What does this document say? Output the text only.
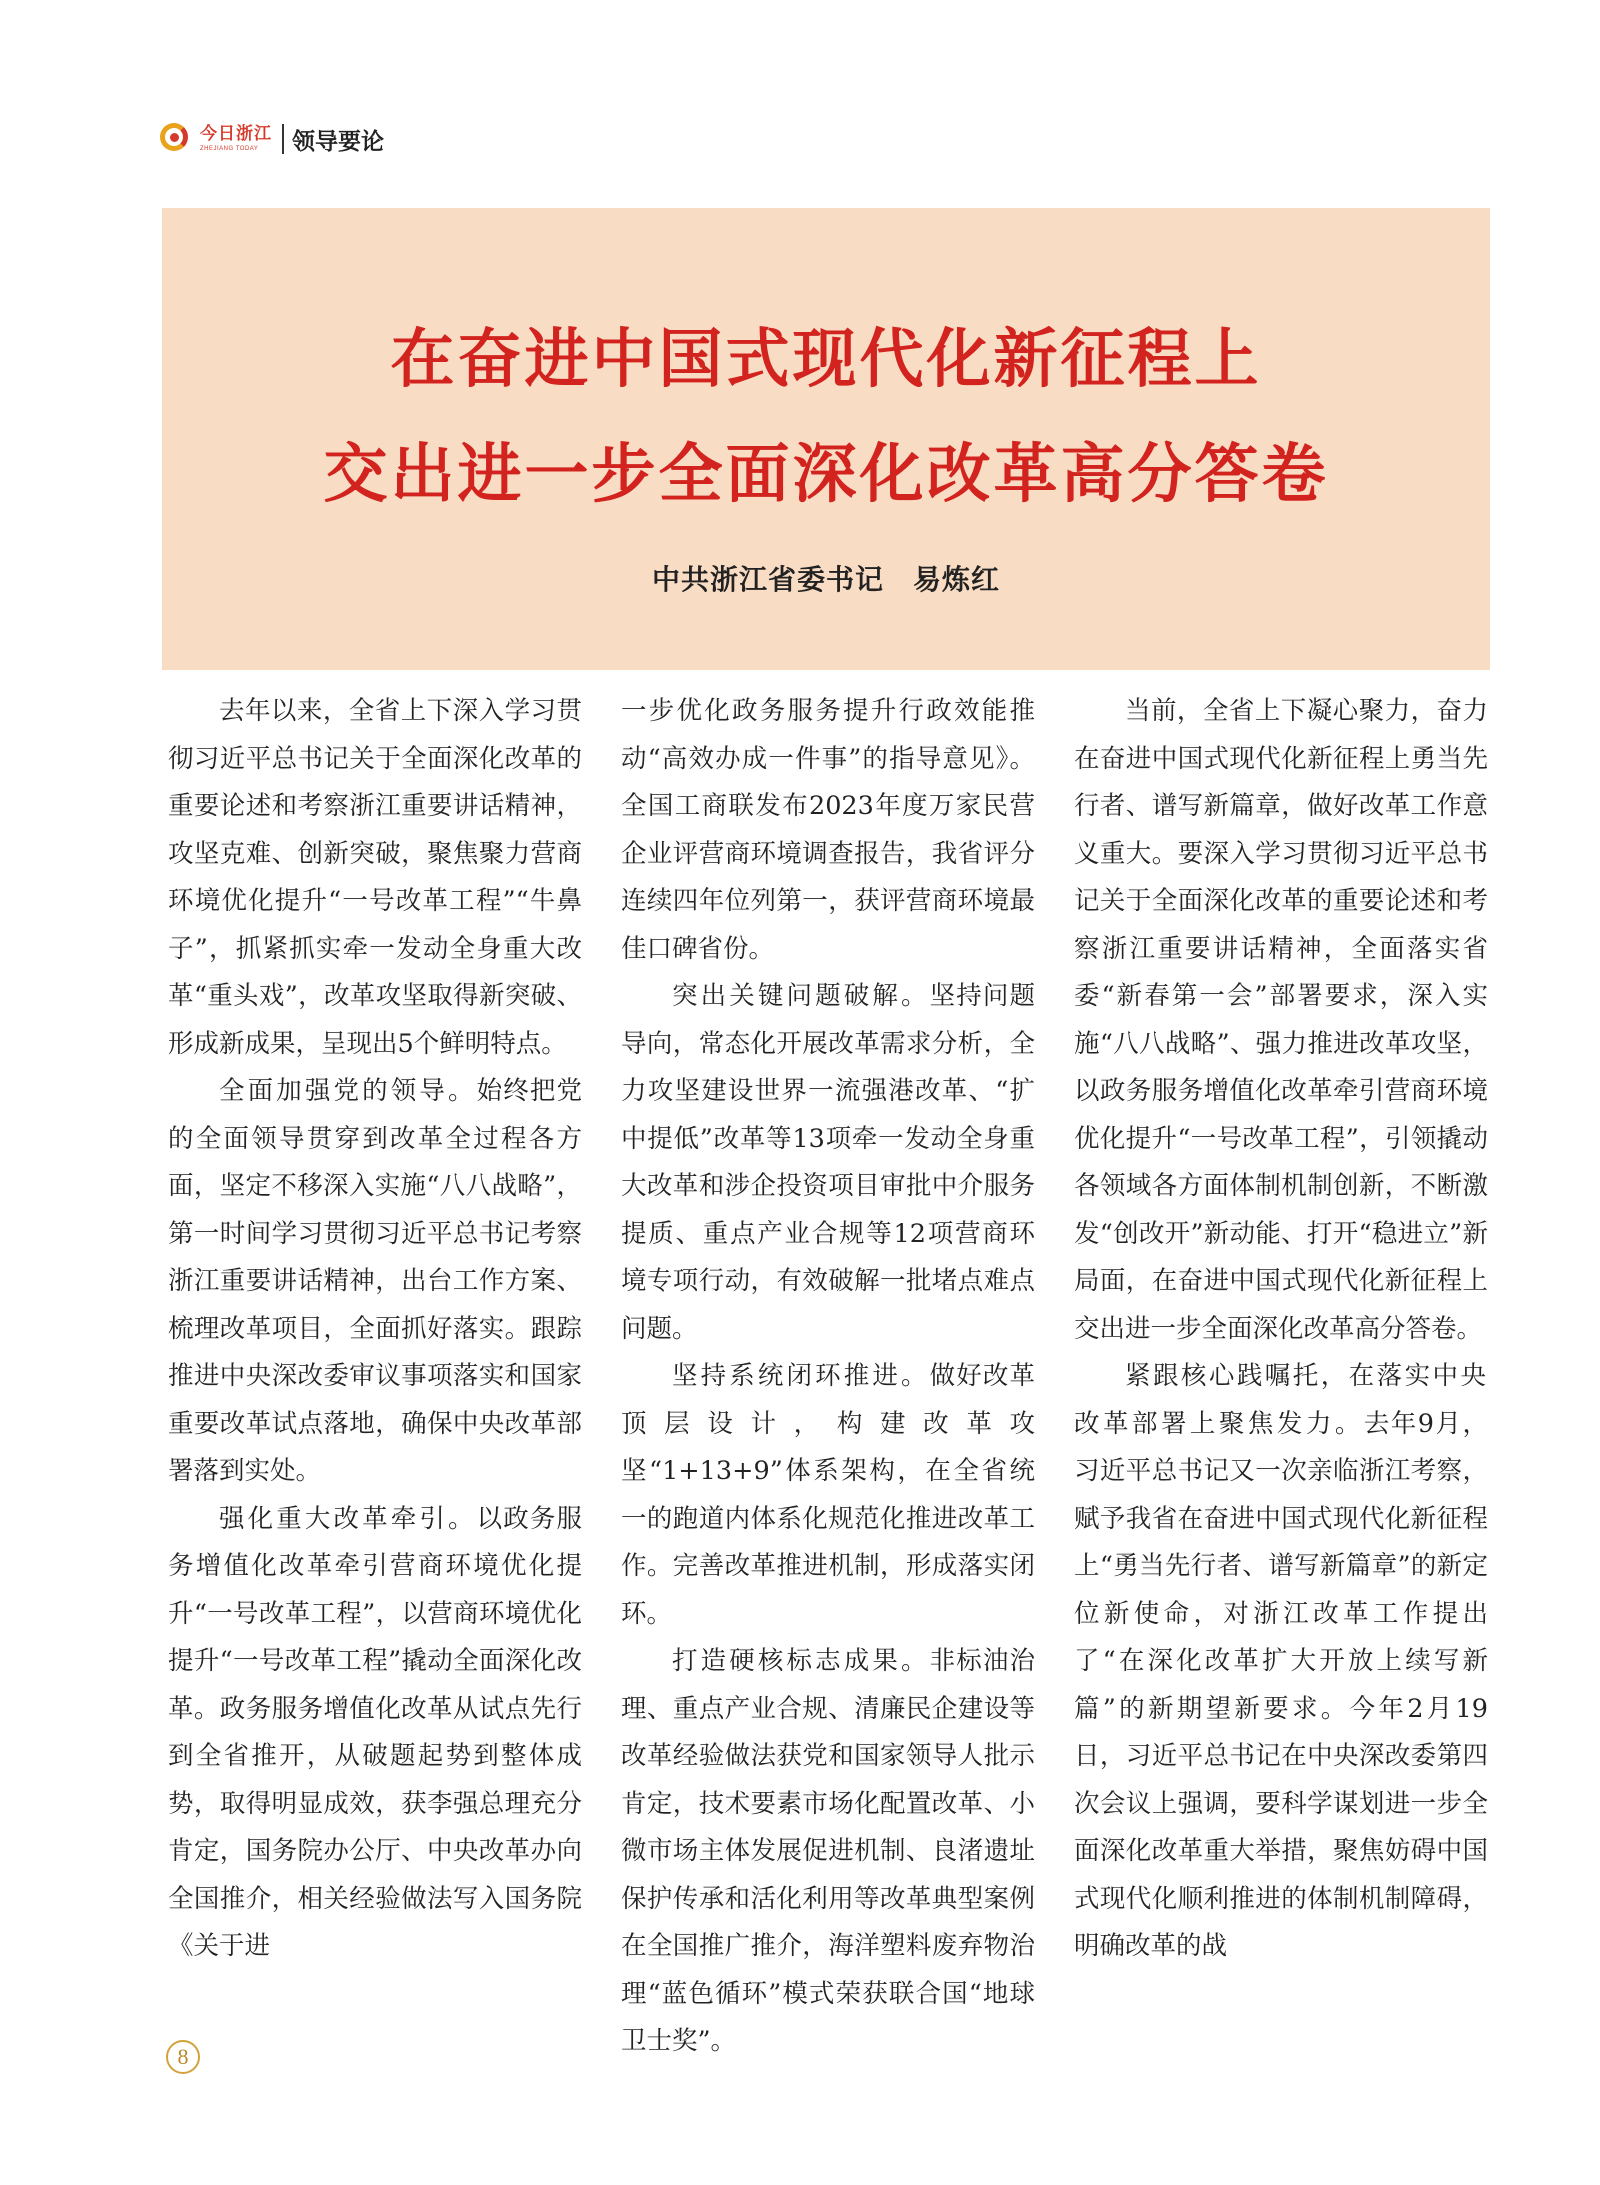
今日浙江
ZHEJIANG TODAY	领导要论
在奋进中国式现代化新征程上
交出进一步全面深化改革高分答卷
中共浙江省委书记　易炼红

去年以来，全省上下深入学习贯彻习近平总书记关于全面深化改革的重要论述和考察浙江重要讲话精神，攻坚克难、创新突破，聚焦聚力营商环境优化提升“一号改革工程”“牛鼻子”，抓紧抓实牵一发动全身重大改革“重头戏”，改革攻坚取得新突破、形成新成果，呈现出5个鲜明特点。

全面加强党的领导。始终把党的全面领导贯穿到改革全过程各方面，坚定不移深入实施“八八战略”，第一时间学习贯彻习近平总书记考察浙江重要讲话精神，出台工作方案、梳理改革项目，全面抓好落实。跟踪推进中央深改委审议事项落实和国家重要改革试点落地，确保中央改革部署落到实处。

强化重大改革牵引。以政务服务增值化改革牵引营商环境优化提升“一号改革工程”，以营商环境优化提升“一号改革工程”撬动全面深化改革。政务服务增值化改革从试点先行到全省推开，从破题起势到整体成势，取得明显成效，获李强总理充分肯定，国务院办公厅、中央改革办向全国推介，相关经验做法写入国务院《关于进

一步优化政务服务提升行政效能推动“高效办成一件事”的指导意见》。全国工商联发布2023年度万家民营企业评营商环境调查报告，我省评分连续四年位列第一，获评营商环境最佳口碑省份。

突出关键问题破解。坚持问题导向，常态化开展改革需求分析，全力攻坚建设世界一流强港改革、“扩中提低”改革等13项牵一发动全身重大改革和涉企投资项目审批中介服务提质、重点产业合规等12项营商环境专项行动，有效破解一批堵点难点问题。

坚持系统闭环推进。做好改革顶层设计，构建改革攻坚“1+13+9”体系架构，在全省统一的跑道内体系化规范化推进改革工作。完善改革推进机制，形成落实闭环。

打造硬核标志成果。非标油治理、重点产业合规、清廉民企建设等改革经验做法获党和国家领导人批示肯定，技术要素市场化配置改革、小微市场主体发展促进机制、良渚遗址保护传承和活化利用等改革典型案例在全国推广推介，海洋塑料废弃物治理“蓝色循环”模式荣获联合国“地球卫士奖”。

当前，全省上下凝心聚力，奋力在奋进中国式现代化新征程上勇当先行者、谱写新篇章，做好改革工作意义重大。要深入学习贯彻习近平总书记关于全面深化改革的重要论述和考察浙江重要讲话精神，全面落实省委“新春第一会”部署要求，深入实施“八八战略”、强力推进改革攻坚，以政务服务增值化改革牵引营商环境优化提升“一号改革工程”，引领撬动各领域各方面体制机制创新，不断激发“创改开”新动能、打开“稳进立”新局面，在奋进中国式现代化新征程上交出进一步全面深化改革高分答卷。

紧跟核心践嘱托，在落实中央改革部署上聚焦发力。去年9月，习近平总书记又一次亲临浙江考察，赋予我省在奋进中国式现代化新征程上“勇当先行者、谱写新篇章”的新定位新使命，对浙江改革工作提出了“在深化改革扩大开放上续写新篇”的新期望新要求。今年2月19日，习近平总书记在中央深改委第四次会议上强调，要科学谋划进一步全面深化改革重大举措，聚焦妨碍中国式现代化顺利推进的体制机制障碍，明确改革的战

8
